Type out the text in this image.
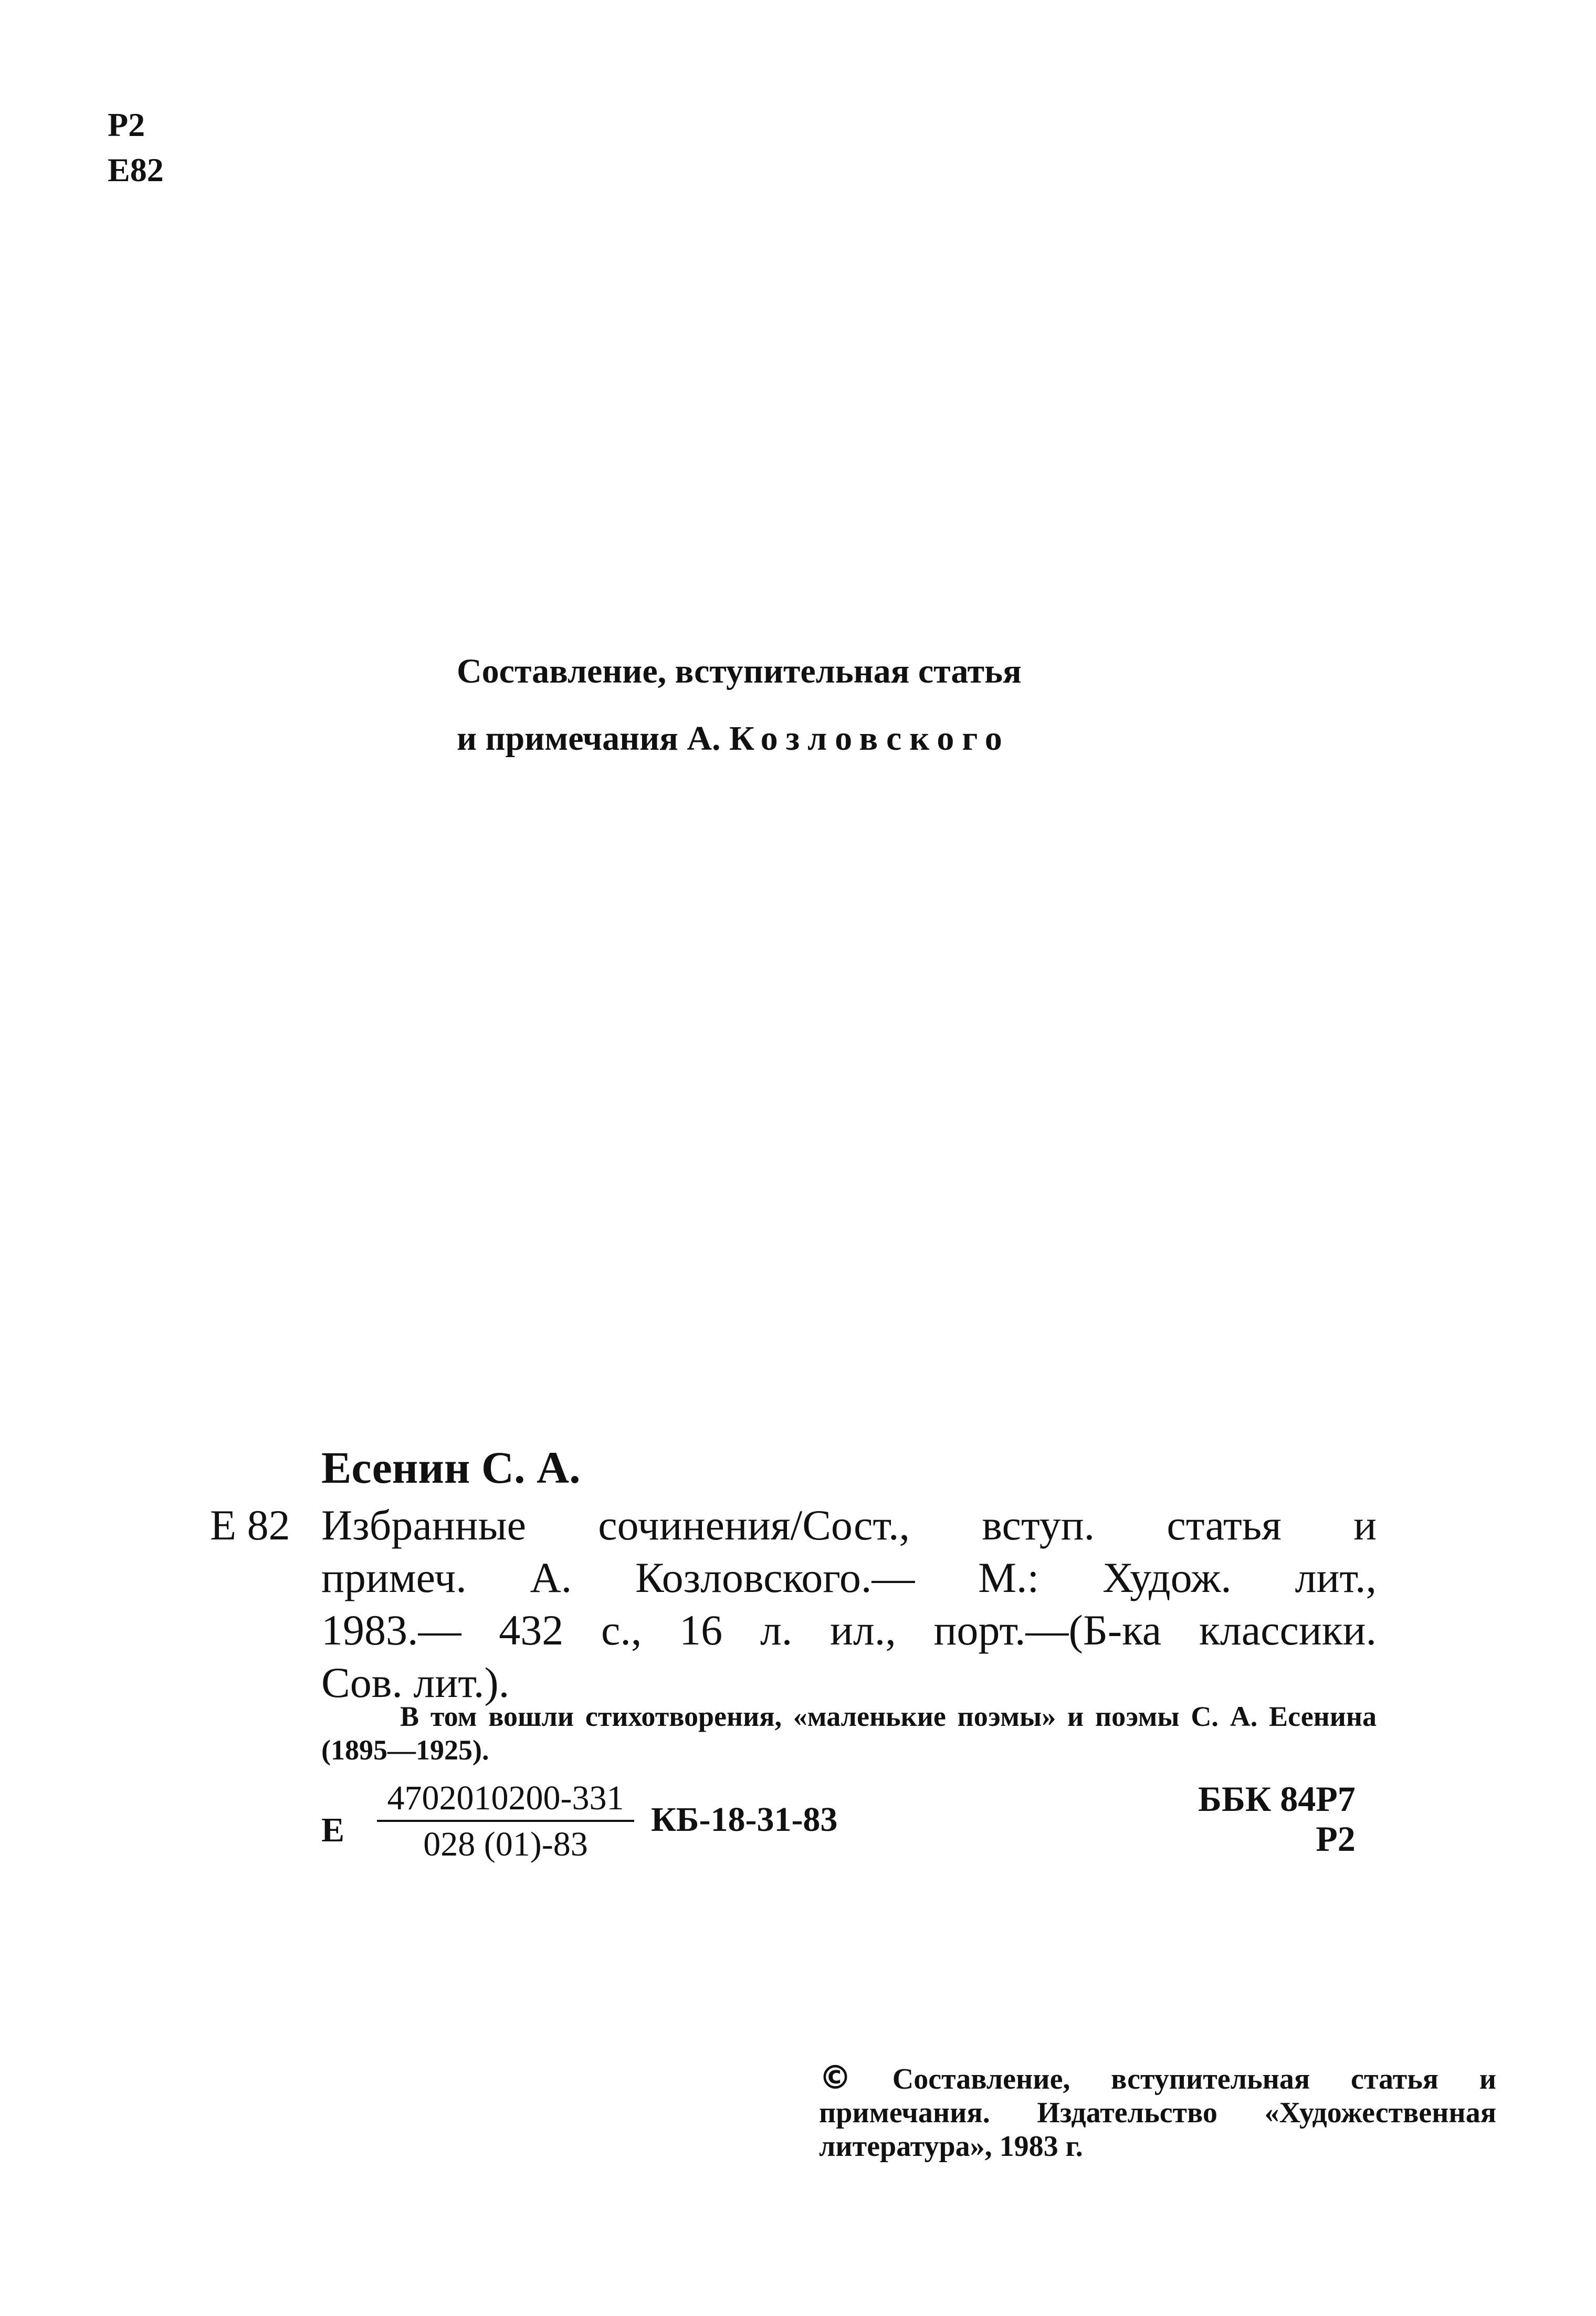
Р2
Е82
Составление, вступительная статья
и примечания А. Козловского
Есенин С. А.
Е 82 Избранные сочинения/Сост., вступ. статья и
примеч. А. Козловского.— М.: Худож. лит.,
1983.— 432 с., 16 л. ил., порт.—(Б-ка классики.
Сов. лит.).
В том вошли стихотворения, «маленькие поэмы» и поэмы С. А. Есенина (1895—1925).
Е $\frac{4702010200-331}{028 (01)-83} КБ-18-31-83$
ББК 84Р7
Р2
© Составление, вступительная статья и примечания. Издательство «Художественная литература», 1983 г.
